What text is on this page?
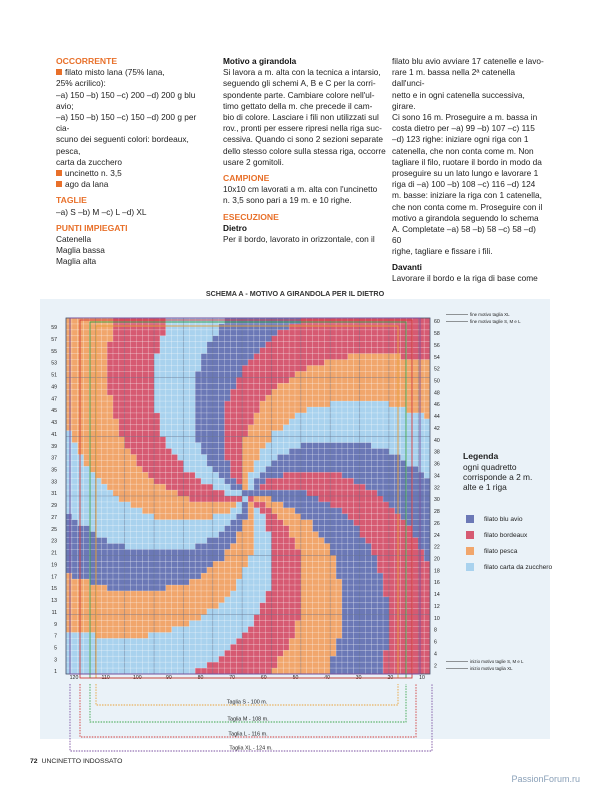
OCCORRENTE

filato misto lana (75% lana,

25% acrilico):

–a) 150 –b) 150 –c) 200 –d) 200 g blu avio;

–a) 150 –b) 150 –c) 150 –d) 200 g per cia-

scuno dei seguenti colori: bordeaux, pesca,

carta da zucchero

uncinetto n. 3,5

ago da lana

TAGLIE

–a) S –b) M –c) L –d) XL

PUNTI IMPIEGATI

Catenella

Maglia bassa

Maglia alta

Motivo a girandola

Si lavora a m. alta con la tecnica a intarsio,

seguendo gli schemi A, B e C per la corri-

spondente parte. Cambiare colore nell'ul-

timo gettato della m. che precede il cam-

bio di colore. Lasciare i fili non utilizzati sul

rov., pronti per essere ripresi nella riga suc-

cessiva. Quando ci sono 2 sezioni separate

dello stesso colore sulla stessa riga, occorre

usare 2 gomitoli.

CAMPIONE

10x10 cm lavorati a m. alta con l'uncinetto

n. 3,5 sono pari a 19 m. e 10 righe.

ESECUZIONE
Dietro

Per il bordo, lavorato in orizzontale, con il

filato blu avio avviare 17 catenelle e lavo-

rare 1 m. bassa nella 2ª catenella dall'unci-

netto e in ogni catenella successiva, girare.

Ci sono 16 m. Proseguire a m. bassa in

costa dietro per –a) 99 –b) 107 –c) 115

–d) 123 righe: iniziare ogni riga con 1

catenella, che non conta come m. Non

tagliare il filo, ruotare il bordo in modo da

proseguire su un lato lungo e lavorare 1

riga di –a) 100 –b) 108 –c) 116 –d) 124

m. basse: iniziare la riga con 1 catenella,

che non conta come m. Proseguire con il

motivo a girandola seguendo lo schema

A. Completate –a) 58 –b) 58 –c) 58 –d) 60

righe, tagliare e fissare i fili.

Davanti

Lavorare il bordo e la riga di base come

SCHEMA A - MOTIVO A GIRANDOLA PER IL DIETRO
1
3
5
7
9
11
13
15
17
19
21
23
25
27
29
31
33
35
37
39
41
43
45
47
49
51
53
55
57
59
2
4
6
8
10
12
14
16
18
20
22
24
26
28
30
32
34
36
38
40
42
44
46
48
50
52
54
56
58
60
120	110	100	90	80	70	60	50	40	30	20	10
Taglia S - 100 m.
Taglia M - 108 m.
Taglia L - 116 m.
Taglia XL - 124 m.
fine motivo taglia XL
fine motivo taglie S, M e L
inizio motivo taglie S, M e L
inizio motivo taglia XL
Legenda
ogni quadretto corrisponde a 2 m. alte e 1 riga
filato blu avio
filato bordeaux
filato pesca
filato carta da zucchero
72 UNCINETTO INDOSSATO
PassionForum.ru
